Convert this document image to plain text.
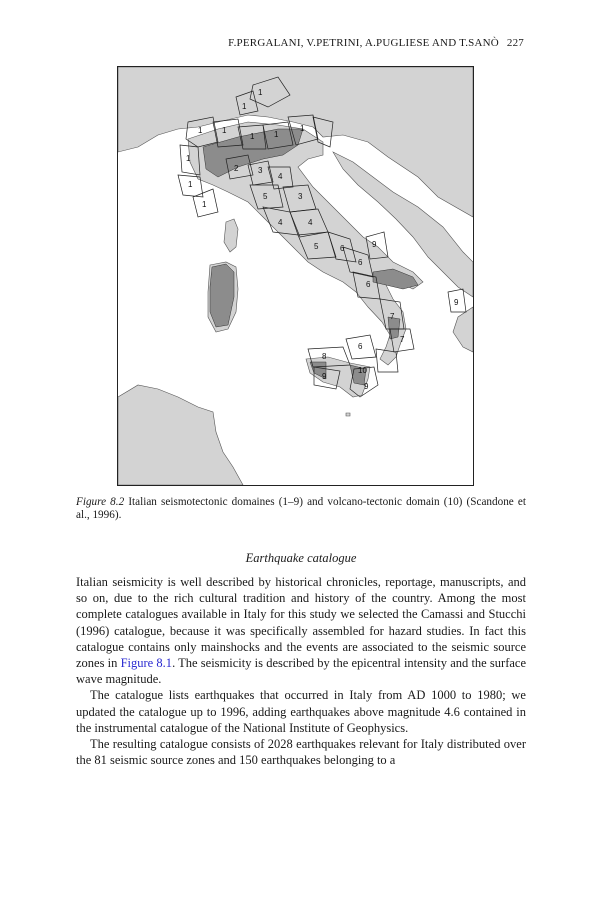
F.PERGALANI, V.PETRINI, A.PUGLIESE AND T.SANÒ 227
1
1
1 1
1 1
1
1
1
1
2 3
4
5	3
4	4
5	6
6
6
9
7
7
6
8
9
10
9
9
Figure 8.2 Italian seismotectonic domaines (1–9) and volcano-tectonic domain (10) (Scandone et al., 1996).
Earthquake catalogue

Italian seismicity is well described by historical chronicles, reportage, manuscripts, and so on, due to the rich cultural tradition and history of the country. Among the most complete catalogues available in Italy for this study we selected the Camassi and Stucchi (1996) catalogue, because it was specifically assembled for hazard studies. In fact this catalogue contains only mainshocks and the events are associated to the seismic source zones in Figure 8.1. The seismicity is described by the epicentral intensity and the surface wave magnitude.

The catalogue lists earthquakes that occurred in Italy from AD 1000 to 1980; we updated the catalogue up to 1996, adding earthquakes above magnitude 4.6 contained in the instrumental catalogue of the National Institute of Geophysics.

The resulting catalogue consists of 2028 earthquakes relevant for Italy distributed over the 81 seismic source zones and 150 earthquakes belonging to a
